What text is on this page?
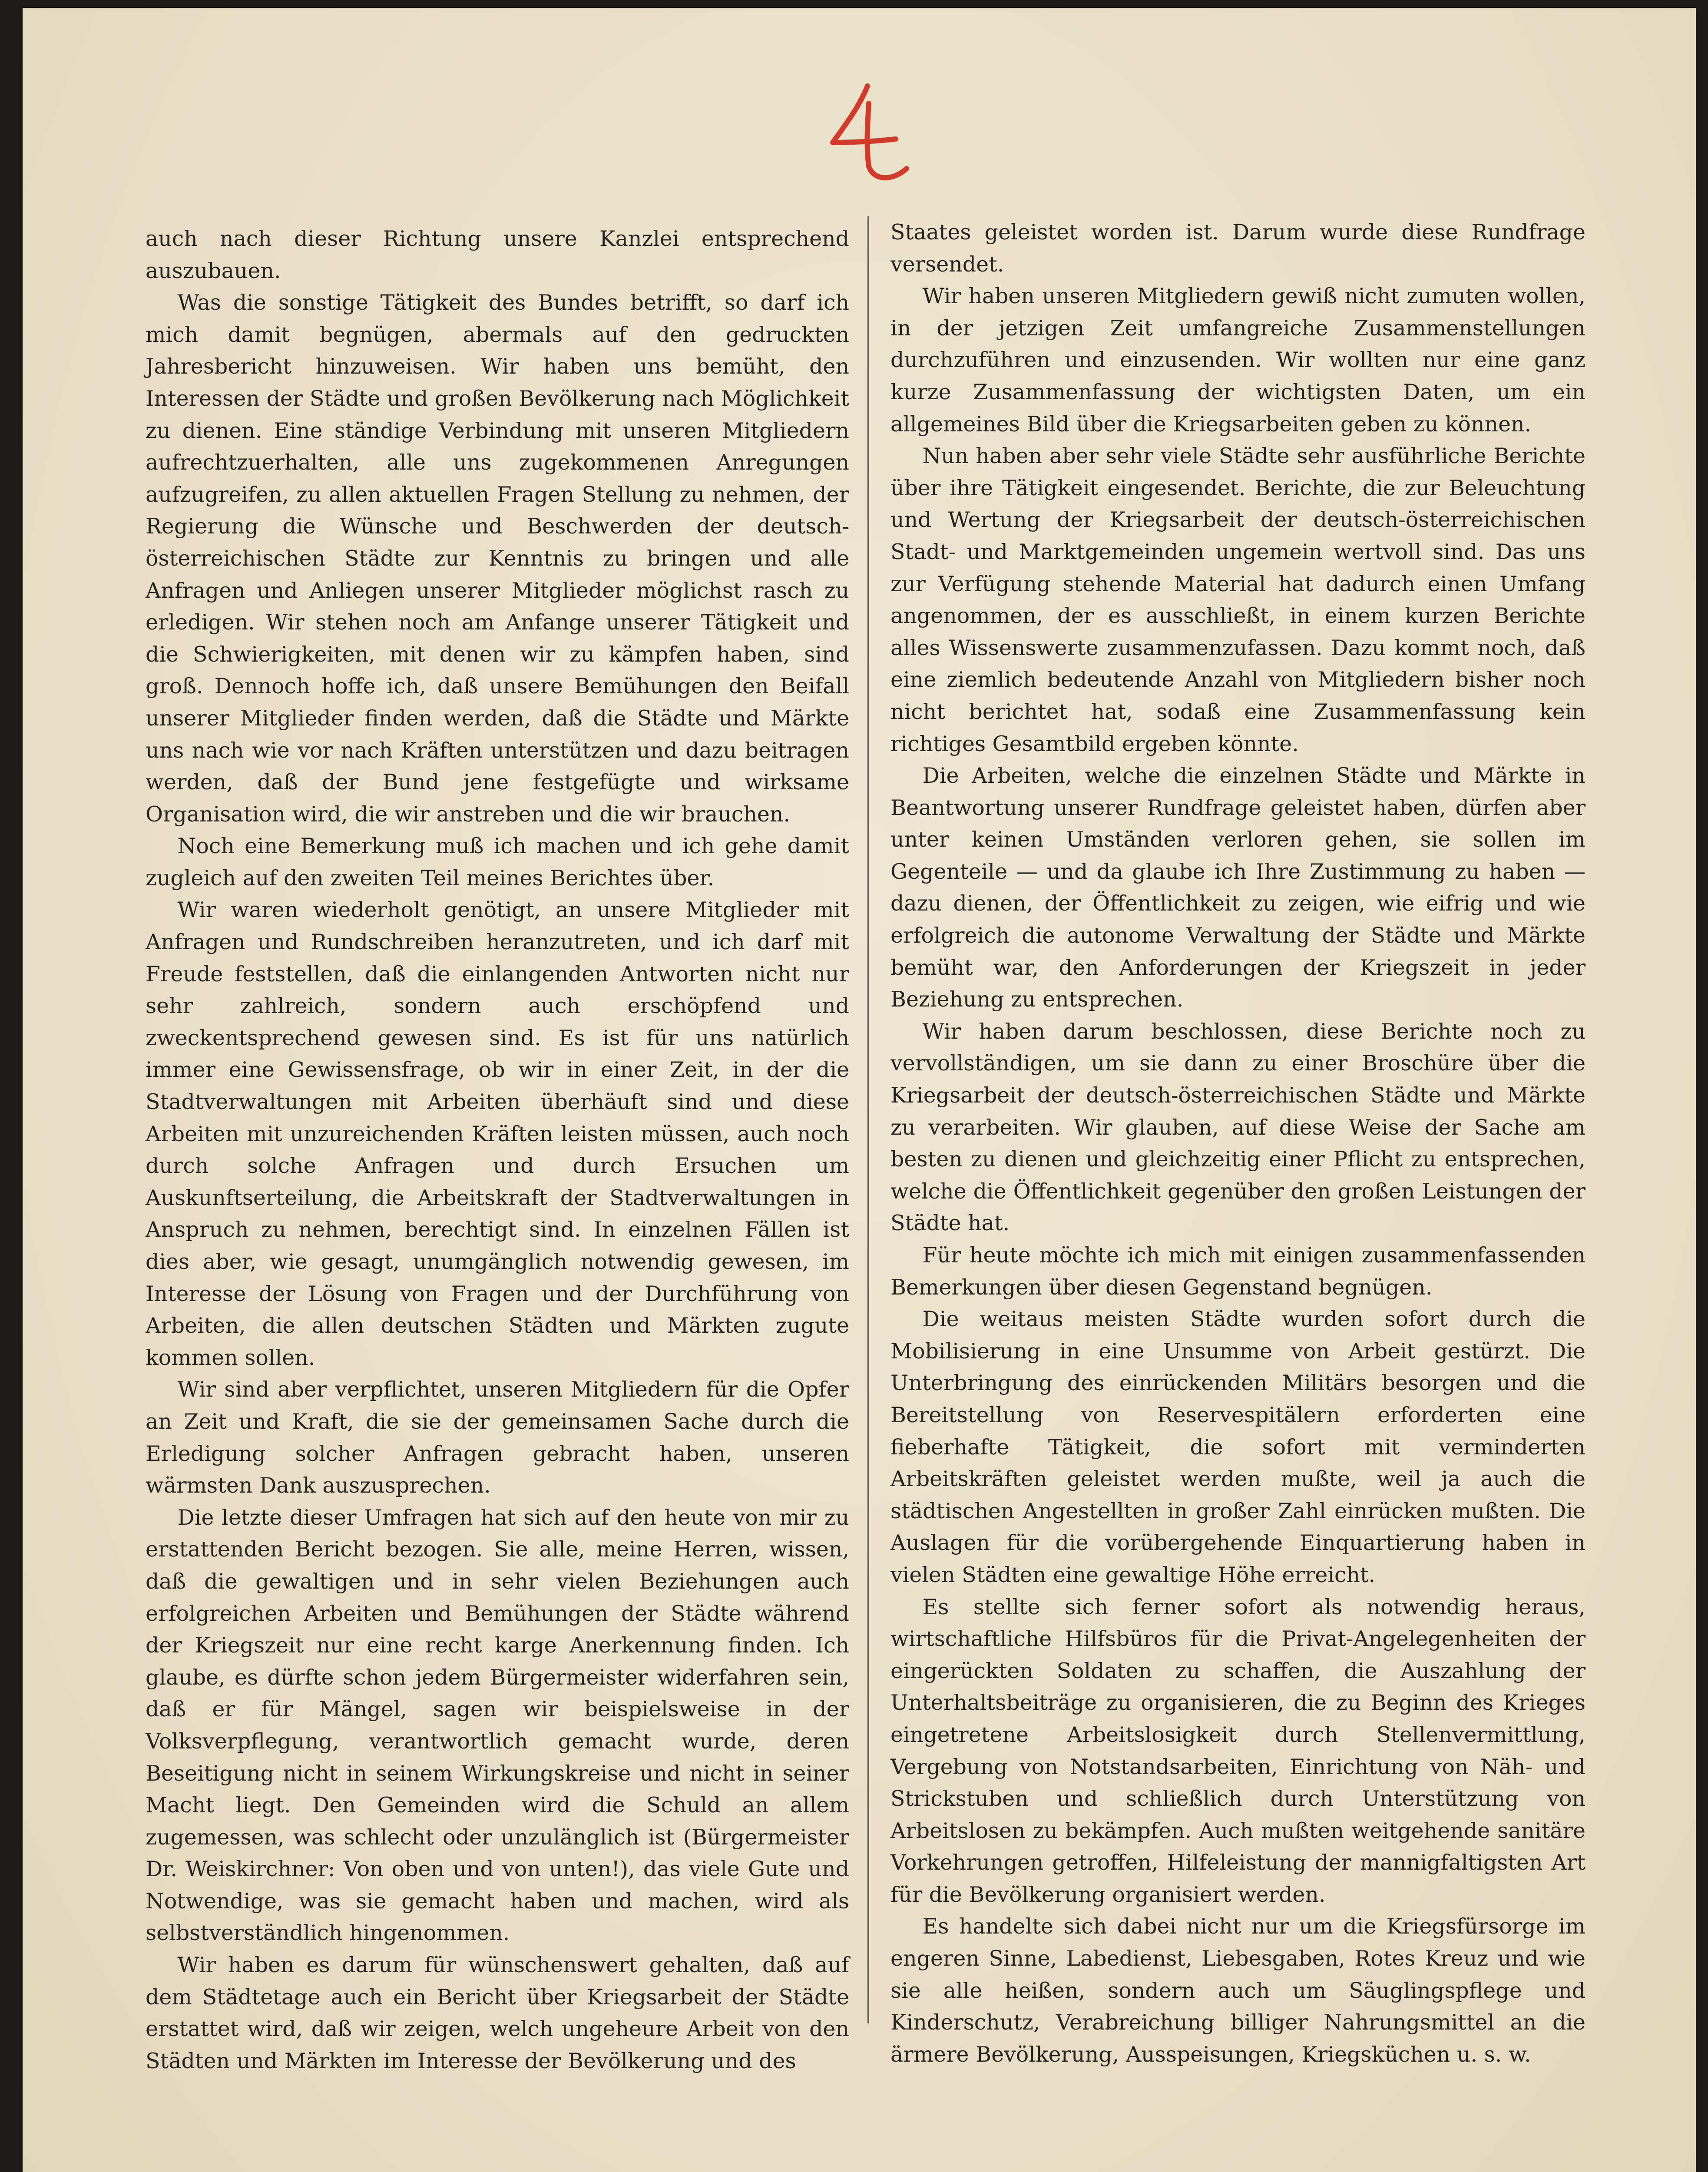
auch nach dieser Richtung unsere Kanzlei entsprechend auszubauen.

Was die sonstige Tätigkeit des Bundes betrifft, so darf ich mich damit begnügen, abermals auf den gedruckten Jahresbericht hinzuweisen. Wir haben uns bemüht, den Interessen der Städte und großen Bevölkerung nach Möglichkeit zu dienen. Eine ständige Verbindung mit unseren Mitgliedern aufrechtzuerhalten, alle uns zugekommenen Anregungen aufzugreifen, zu allen aktuellen Fragen Stellung zu nehmen, der Regierung die Wünsche und Beschwerden der deutsch-österreichischen Städte zur Kenntnis zu bringen und alle Anfragen und Anliegen unserer Mitglieder möglichst rasch zu erledigen. Wir stehen noch am Anfange unserer Tätigkeit und die Schwierigkeiten, mit denen wir zu kämpfen haben, sind groß. Dennoch hoffe ich, daß unsere Bemühungen den Beifall unserer Mitglieder finden werden, daß die Städte und Märkte uns nach wie vor nach Kräften unterstützen und dazu beitragen werden, daß der Bund jene festgefügte und wirksame Organisation wird, die wir anstreben und die wir brauchen.

Noch eine Bemerkung muß ich machen und ich gehe damit zugleich auf den zweiten Teil meines Berichtes über.

Wir waren wiederholt genötigt, an unsere Mitglieder mit Anfragen und Rundschreiben heranzutreten, und ich darf mit Freude feststellen, daß die einlangenden Antworten nicht nur sehr zahlreich, sondern auch erschöpfend und zweckentsprechend gewesen sind. Es ist für uns natürlich immer eine Gewissensfrage, ob wir in einer Zeit, in der die Stadtverwaltungen mit Arbeiten überhäuft sind und diese Arbeiten mit unzureichenden Kräften leisten müssen, auch noch durch solche Anfragen und durch Ersuchen um Auskunftserteilung, die Arbeitskraft der Stadtverwaltungen in Anspruch zu nehmen, berechtigt sind. In einzelnen Fällen ist dies aber, wie gesagt, unumgänglich notwendig gewesen, im Interesse der Lösung von Fragen und der Durchführung von Arbeiten, die allen deutschen Städten und Märkten zugute kommen sollen.

Wir sind aber verpflichtet, unseren Mitgliedern für die Opfer an Zeit und Kraft, die sie der gemeinsamen Sache durch die Erledigung solcher Anfragen gebracht haben, unseren wärmsten Dank auszusprechen.

Die letzte dieser Umfragen hat sich auf den heute von mir zu erstattenden Bericht bezogen. Sie alle, meine Herren, wissen, daß die gewaltigen und in sehr vielen Beziehungen auch erfolgreichen Arbeiten und Bemühungen der Städte während der Kriegszeit nur eine recht karge Anerkennung finden. Ich glaube, es dürfte schon jedem Bürgermeister widerfahren sein, daß er für Mängel, sagen wir beispielsweise in der Volksverpflegung, verantwortlich gemacht wurde, deren Beseitigung nicht in seinem Wirkungskreise und nicht in seiner Macht liegt. Den Gemeinden wird die Schuld an allem zugemessen, was schlecht oder unzulänglich ist (Bürgermeister Dr. Weiskirchner: Von oben und von unten!), das viele Gute und Notwendige, was sie gemacht haben und machen, wird als selbstverständlich hingenommen.

Wir haben es darum für wünschenswert gehalten, daß auf dem Städtetage auch ein Bericht über Kriegsarbeit der Städte erstattet wird, daß wir zeigen, welch ungeheure Arbeit von den Städten und Märkten im Interesse der Bevölkerung und des

Staates geleistet worden ist. Darum wurde diese Rundfrage versendet.

Wir haben unseren Mitgliedern gewiß nicht zumuten wollen, in der jetzigen Zeit umfangreiche Zusammenstellungen durchzuführen und einzusenden. Wir wollten nur eine ganz kurze Zusammenfassung der wichtigsten Daten, um ein allgemeines Bild über die Kriegsarbeiten geben zu können.

Nun haben aber sehr viele Städte sehr ausführliche Berichte über ihre Tätigkeit eingesendet. Berichte, die zur Beleuchtung und Wertung der Kriegsarbeit der deutsch-österreichischen Stadt- und Marktgemeinden ungemein wertvoll sind. Das uns zur Verfügung stehende Material hat dadurch einen Umfang angenommen, der es ausschließt, in einem kurzen Berichte alles Wissenswerte zusammenzufassen. Dazu kommt noch, daß eine ziemlich bedeutende Anzahl von Mitgliedern bisher noch nicht berichtet hat, sodaß eine Zusammenfassung kein richtiges Gesamtbild ergeben könnte.

Die Arbeiten, welche die einzelnen Städte und Märkte in Beantwortung unserer Rundfrage geleistet haben, dürfen aber unter keinen Umständen verloren gehen, sie sollen im Gegenteile — und da glaube ich Ihre Zustimmung zu haben — dazu dienen, der Öffentlichkeit zu zeigen, wie eifrig und wie erfolgreich die autonome Verwaltung der Städte und Märkte bemüht war, den Anforderungen der Kriegszeit in jeder Beziehung zu entsprechen.

Wir haben darum beschlossen, diese Berichte noch zu vervollständigen, um sie dann zu einer Broschüre über die Kriegsarbeit der deutsch-österreichischen Städte und Märkte zu verarbeiten. Wir glauben, auf diese Weise der Sache am besten zu dienen und gleichzeitig einer Pflicht zu entsprechen, welche die Öffentlichkeit gegenüber den großen Leistungen der Städte hat.

Für heute möchte ich mich mit einigen zusammenfassenden Bemerkungen über diesen Gegenstand begnügen.

Die weitaus meisten Städte wurden sofort durch die Mobilisierung in eine Unsumme von Arbeit gestürzt. Die Unterbringung des einrückenden Militärs besorgen und die Bereitstellung von Reservespitälern erforderten eine fieberhafte Tätigkeit, die sofort mit verminderten Arbeitskräften geleistet werden mußte, weil ja auch die städtischen Angestellten in großer Zahl einrücken mußten. Die Auslagen für die vorübergehende Einquartierung haben in vielen Städten eine gewaltige Höhe erreicht.

Es stellte sich ferner sofort als notwendig heraus, wirtschaftliche Hilfsbüros für die Privat-Angelegenheiten der eingerückten Soldaten zu schaffen, die Auszahlung der Unterhaltsbeiträge zu organisieren, die zu Beginn des Krieges eingetretene Arbeitslosigkeit durch Stellenvermittlung, Vergebung von Notstandsarbeiten, Einrichtung von Näh- und Strickstuben und schließlich durch Unterstützung von Arbeitslosen zu bekämpfen. Auch mußten weitgehende sanitäre Vorkehrungen getroffen, Hilfeleistung der mannigfaltigsten Art für die Bevölkerung organisiert werden.

Es handelte sich dabei nicht nur um die Kriegsfürsorge im engeren Sinne, Labedienst, Liebesgaben, Rotes Kreuz und wie sie alle heißen, sondern auch um Säuglingspflege und Kinderschutz, Verabreichung billiger Nahrungsmittel an die ärmere Bevölkerung, Ausspeisungen, Kriegsküchen u. s. w.
